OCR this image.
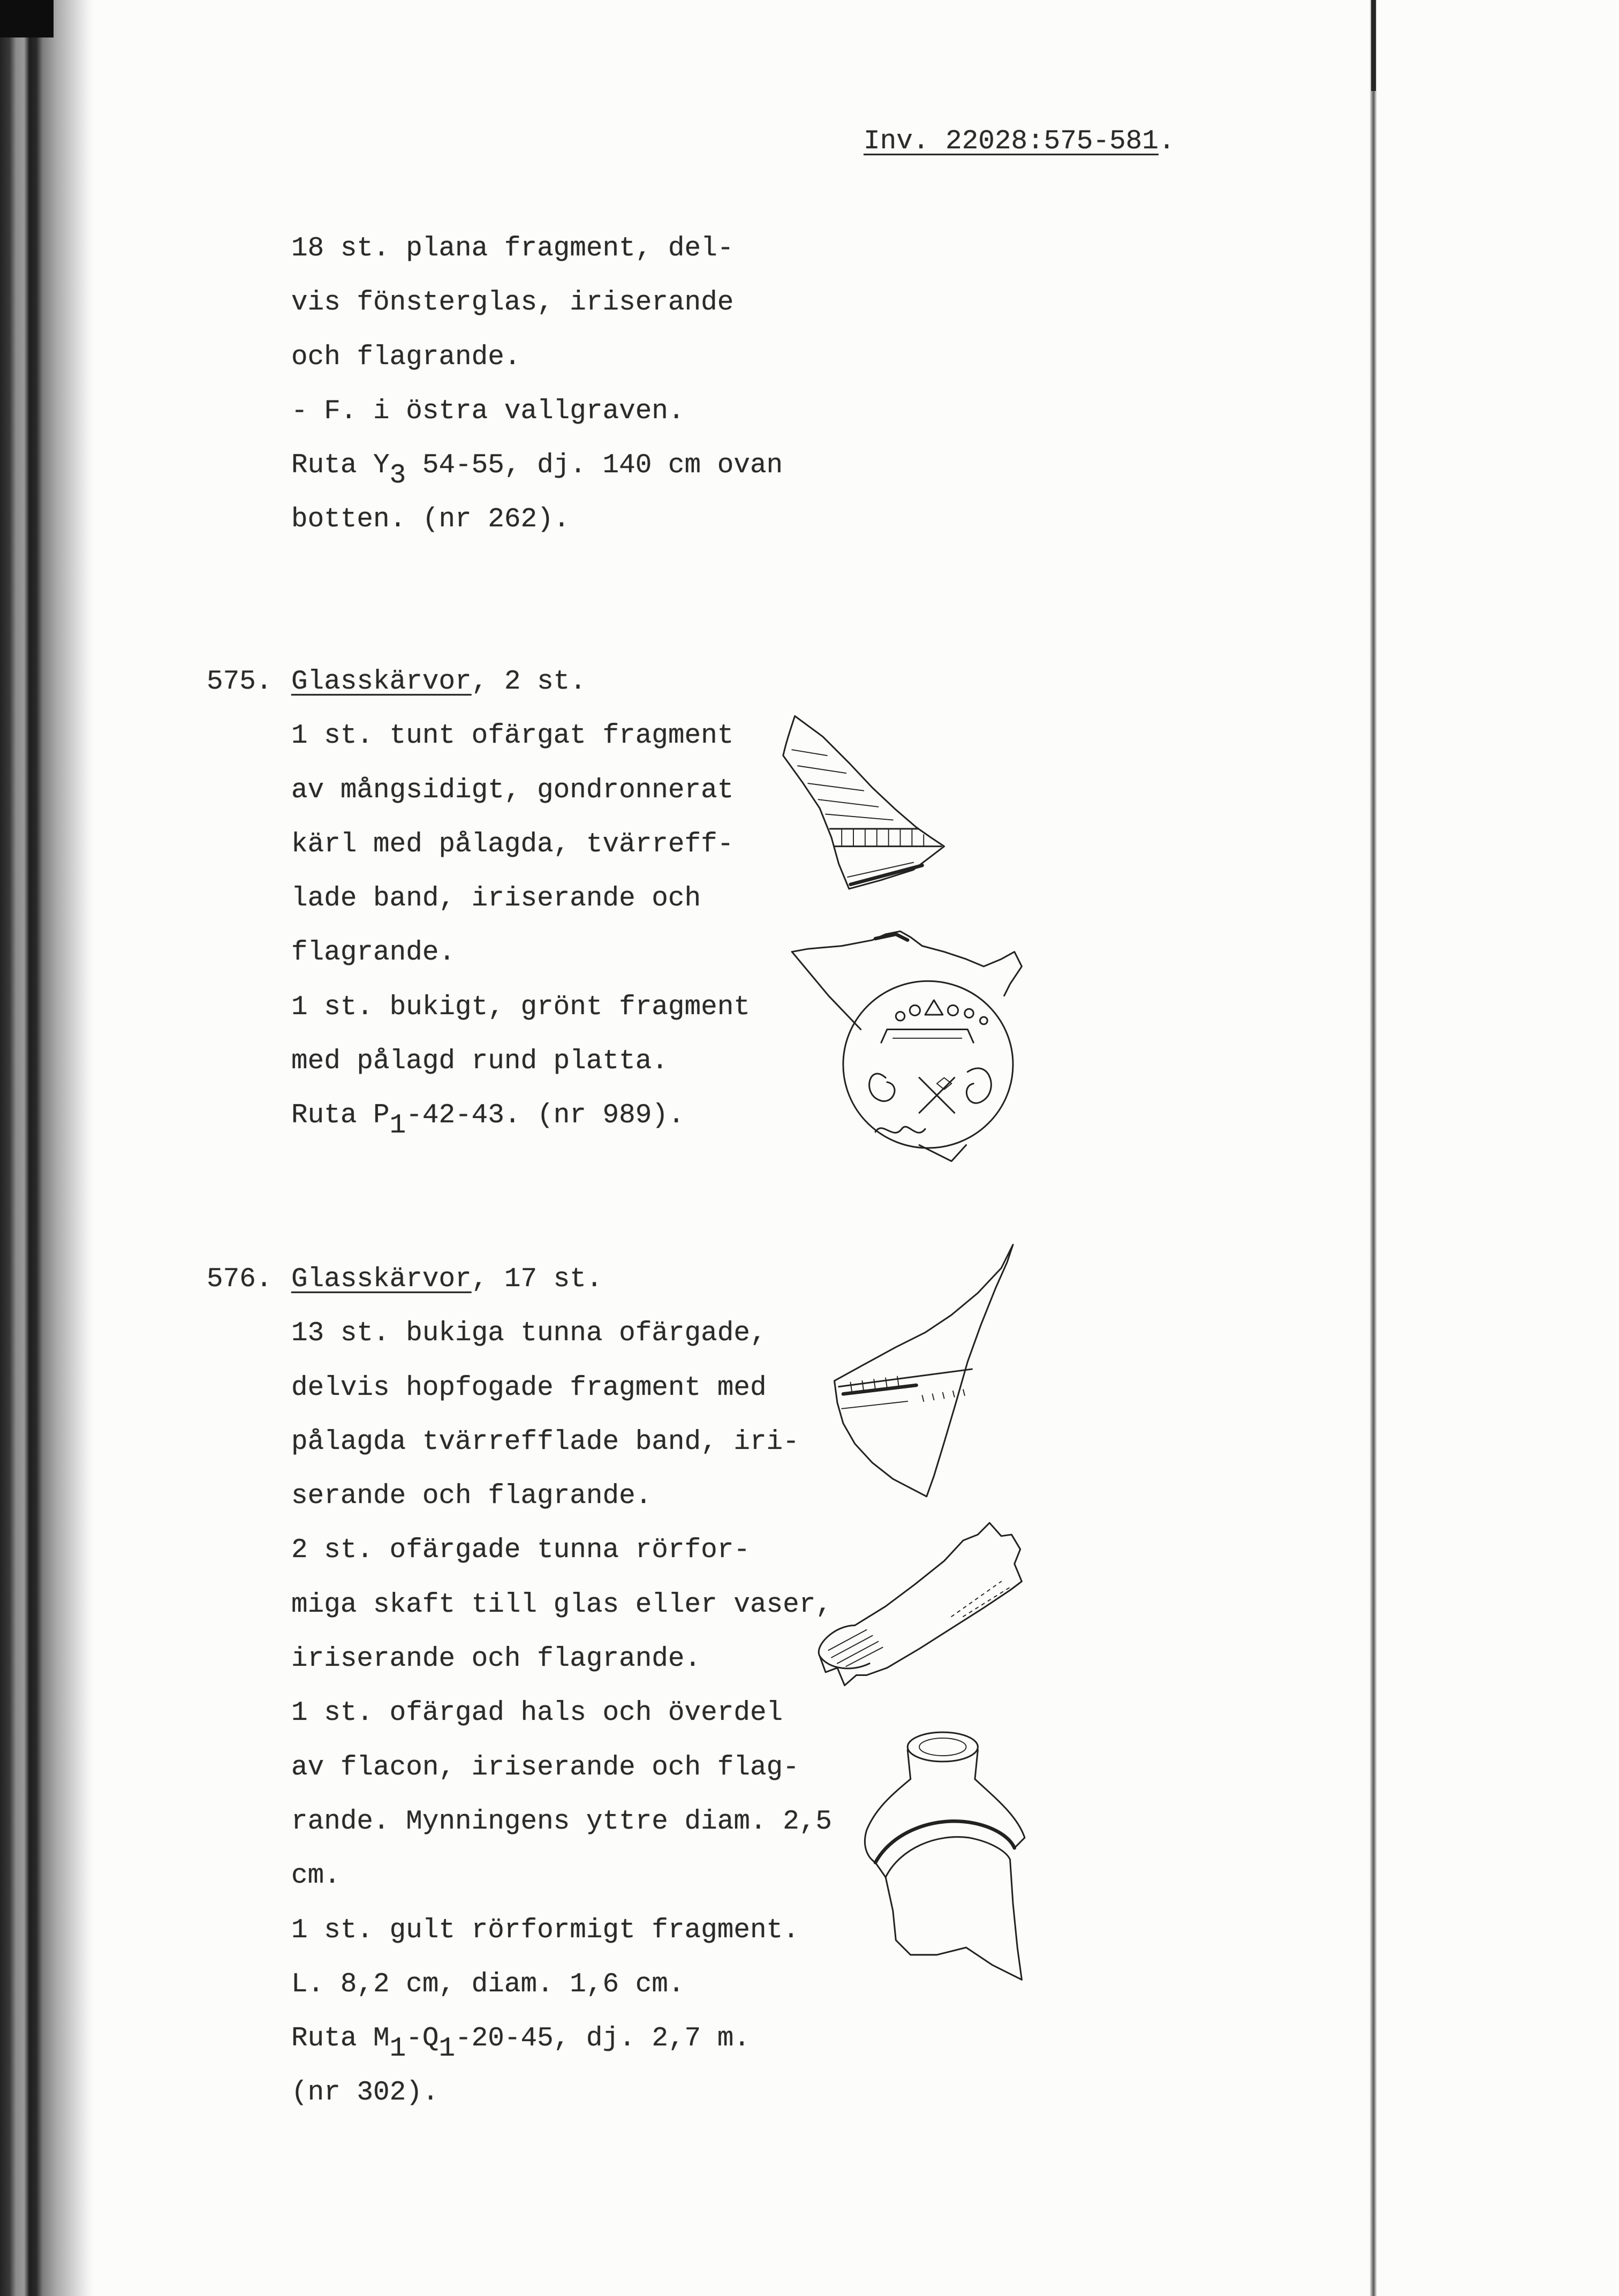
Inv. 22028:575-581.
18 st. plana fragment, del-
vis fönsterglas, iriserande
och flagrande.
- F. i östra vallgraven.
Ruta $Y_3$ 54-55, dj. 140 cm ovan
botten. (nr 262).
575. Glasskärvor, 2 st.
1 st. tunt ofärgat fragment
av mångsidigt, gondronnerat
kärl med pålagda, tvärreff-
lade band, iriserande och
flagrande.
1 st. bukigt, grönt fragment
med pålagd rund platta.
Ruta $P_1-42-43$. (nr 989).
576. Glasskärvor, 17 st.
13 st. bukiga tunna ofärgade,
delvis hopfogade fragment med
pålagda tvärrefflade band, iri-
serande och flagrande.
2 st. ofärgade tunna rörfor-
miga skaft till glas eller vaser,
iriserande och flagrande.
1 st. ofärgad hals och överdel
av flacon, iriserande och flag-
rande. Mynningens yttre diam. 2,5
cm.
1 st. gult rörformigt fragment.
L. 8,2 cm, diam. 1,6 cm.
Ruta $M_1-Q_1-20-45$, dj. 2,7 m.
(nr 302).
